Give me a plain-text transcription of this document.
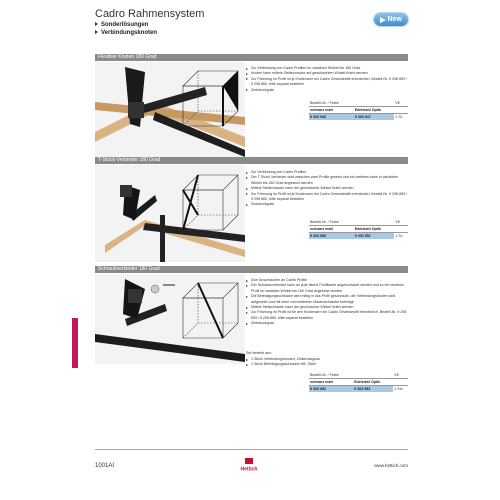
Cadro Rahmensystem
Sonderlösungen
Verbindungsknoten
▶ New
Flexibler Knoten 180 Grad
Zur Verbindung von Cadro Profilen im variablen Winkel bis 180 Grad
Knoten kann mittels Stellschraube auf gewünschten Winkel fixiert werden
Zur Fixierung im Profil ist je Knotenarm ein Cadro Gewindestift erforderlich, Bestell-Nr. 9 298 859 / 9 298 860, bitte separat bestellen
Zinkdruckguss
Bestell-Nr. / Farbe		VE
schwarz matt	Edelstahl Optik	
9 303 946	9 303 947	1 St.
T-Stück-Verbinder 180 Grad
Zur Verbindung von Cadro Profilen
Der T-Stück-Verbinder wird zwischen zwei Profile gesetzt und ein weiteres kann in variablem Winkel bis 180 Grad angesetzt werden
Mittels Stellschraube kann der gewünschte Winkel fixiert werden
Zur Fixierung im Profil ist je Knotenarm ein Cadro Gewindestift erforderlich, Bestell-Nr. 9 298 859 / 9 298 860, bitte separat bestellen
Zinkdruckguss
Bestell-Nr. / Farbe		VE
schwarz matt	Edelstahl Optik	
9 303 950	9 303 951	1 St.
Schraubverbinder 180 Grad
Zum Anschrauben an Cadro Profile
Der Schraubverbinder kann an jede flache Profilkante angeschraubt werden und so ein weiteres Profil im variablen Winkel bis 180 Grad angesetzt werden
Die Befestigungsschraube wird mittig in das Profil geschraubt, der Verbindungsknoten wird aufgesetzt und mit einer vormontierten Madenschraube befestigt
Mittels Stellschraube kann der gewünschte Winkel fixiert werden
Zur Fixierung im Profil ist für den Knotenarm ein Cadro Gewindestift erforderlich, Bestell-Nr. 9 298 859 / 9 298 860, bitte separat bestellen
Zinkdruckguss
Set besteht aus:
1 Stück Verbindungsknoten, Zinkdruckguss
1 Stück Befestigungsschraube M6, Stahl
Bestell-Nr. / Farbe		VE
schwarz matt	Edelstahl Optik	
9 303 952	9 303 953	1 Set
1001AI
Hettich
www.hettich.com
